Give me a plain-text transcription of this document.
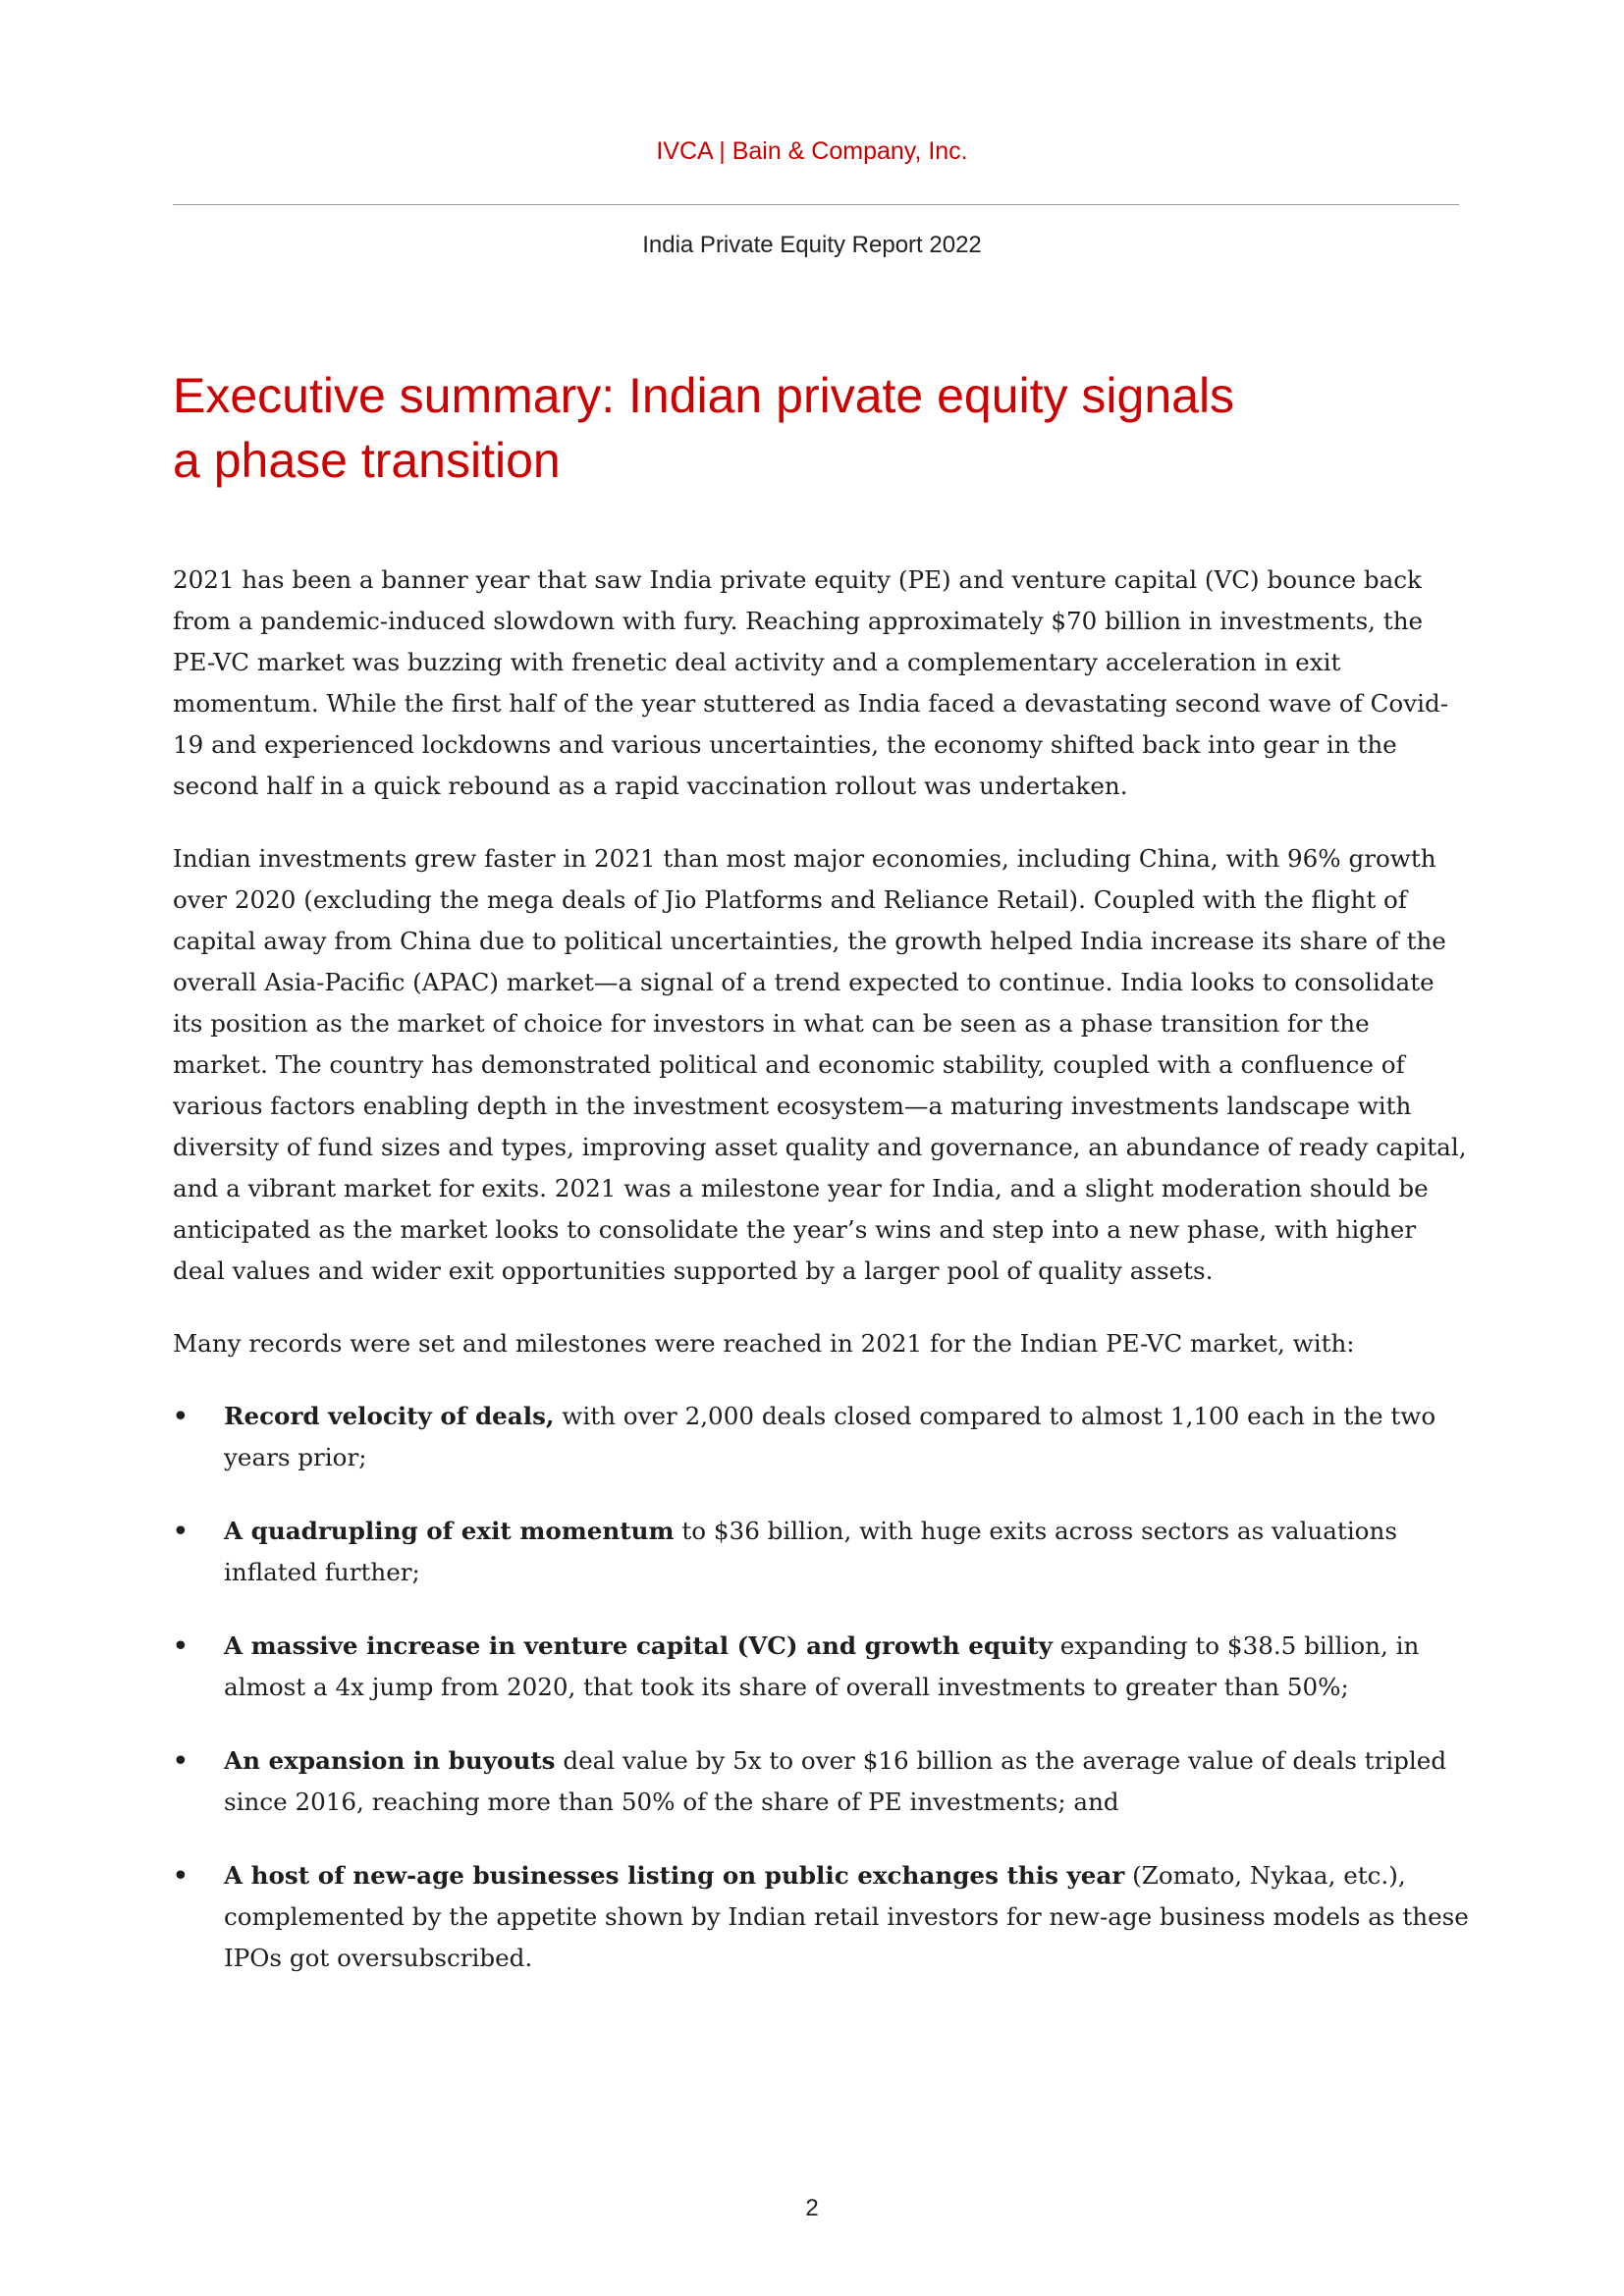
IVCA | Bain & Company, Inc.
India Private Equity Report 2022
Executive summary: Indian private equity signals
a phase transition

2021 has been a banner year that saw India private equity (PE) and venture capital (VC) bounce back from a pandemic-induced slowdown with fury. Reaching approximately $70 billion in investments, the PE-VC market was buzzing with frenetic deal activity and a complementary acceleration in exit momentum. While the first half of the year stuttered as India faced a devastating second wave of Covid-19 and experienced lockdowns and various uncertainties, the economy shifted back into gear in the second half in a quick rebound as a rapid vaccination rollout was undertaken.

Indian investments grew faster in 2021 than most major economies, including China, with 96% growth over 2020 (excluding the mega deals of Jio Platforms and Reliance Retail). Coupled with the flight of capital away from China due to political uncertainties, the growth helped India increase its share of the overall Asia-Pacific (APAC) market—a signal of a trend expected to continue. India looks to consolidate its position as the market of choice for investors in what can be seen as a phase transition for the market. The country has demonstrated political and economic stability, coupled with a confluence of various factors enabling depth in the investment ecosystem—a maturing investments landscape with diversity of fund sizes and types, improving asset quality and governance, an abundance of ready capital, and a vibrant market for exits. 2021 was a milestone year for India, and a slight moderation should be anticipated as the market looks to consolidate the year’s wins and step into a new phase, with higher deal values and wider exit opportunities supported by a larger pool of quality assets.

Many records were set and milestones were reached in 2021 for the Indian PE-VC market, with:

• Record velocity of deals, with over 2,000 deals closed compared to almost 1,100 each in the two years prior;
• A quadrupling of exit momentum to $36 billion, with huge exits across sectors as valuations inflated further;
• A massive increase in venture capital (VC) and growth equity expanding to $38.5 billion, in almost a 4x jump from 2020, that took its share of overall investments to greater than 50%;
• An expansion in buyouts deal value by 5x to over $16 billion as the average value of deals tripled since 2016, reaching more than 50% of the share of PE investments; and
• A host of new-age businesses listing on public exchanges this year (Zomato, Nykaa, etc.), complemented by the appetite shown by Indian retail investors for new-age business models as these IPOs got oversubscribed.
2
